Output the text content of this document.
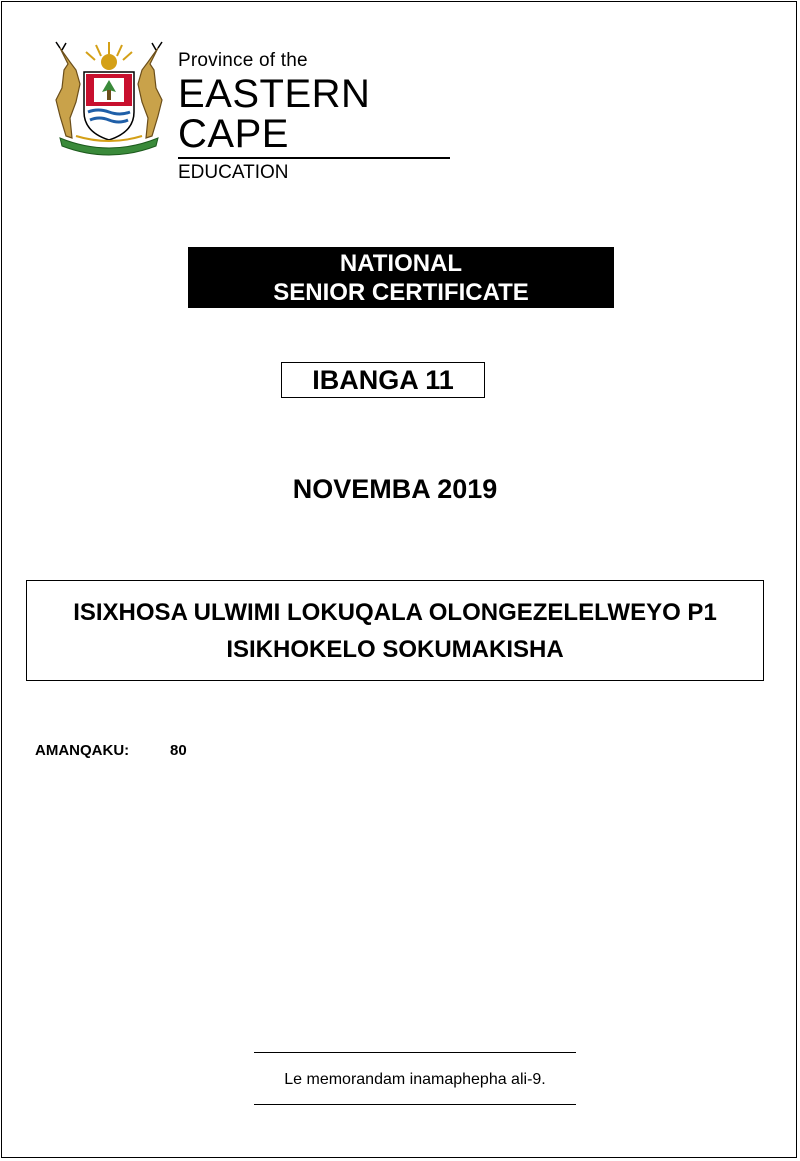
Province of the
EASTERN CAPE
EDUCATION
NATIONAL
SENIOR CERTIFICATE
IBANGA 11
NOVEMBA 2019
ISIXHOSA ULWIMI LOKUQALA OLONGEZELELWEYO P1
ISIKHOKELO SOKUMAKISHA
AMANQAKU:	80
Le memorandam inamaphepha ali-9.
